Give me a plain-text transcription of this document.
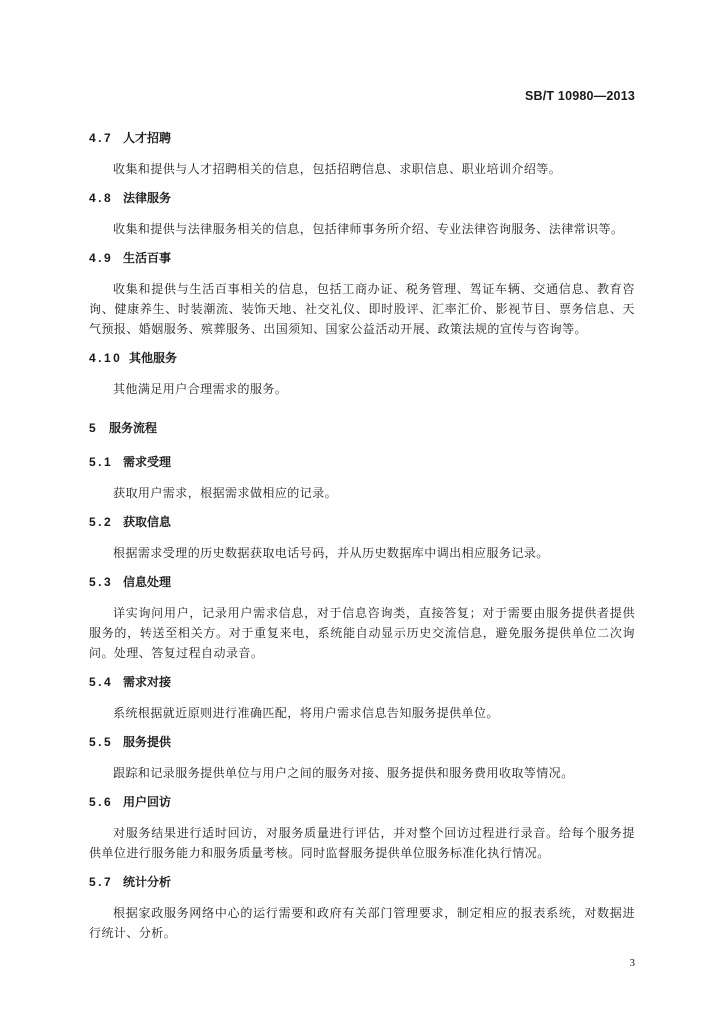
SB/T 10980—2013
4.7 人才招聘

收集和提供与人才招聘相关的信息，包括招聘信息、求职信息、职业培训介绍等。

4.8 法律服务

收集和提供与法律服务相关的信息，包括律师事务所介绍、专业法律咨询服务、法律常识等。

4.9 生活百事

收集和提供与生活百事相关的信息，包括工商办证、税务管理、驾证车辆、交通信息、教育咨询、健康养生、时装潮流、装饰天地、社交礼仪、即时股评、汇率汇价、影视节目、票务信息、天气预报、婚姻服务、殡葬服务、出国须知、国家公益活动开展、政策法规的宣传与咨询等。

4.10 其他服务

其他满足用户合理需求的服务。

5 服务流程
5.1 需求受理

获取用户需求，根据需求做相应的记录。

5.2 获取信息

根据需求受理的历史数据获取电话号码，并从历史数据库中调出相应服务记录。

5.3 信息处理

详实询问用户，记录用户需求信息，对于信息咨询类，直接答复；对于需要由服务提供者提供服务的，转送至相关方。对于重复来电，系统能自动显示历史交流信息，避免服务提供单位二次询问。处理、答复过程自动录音。

5.4 需求对接

系统根据就近原则进行准确匹配，将用户需求信息告知服务提供单位。

5.5 服务提供

跟踪和记录服务提供单位与用户之间的服务对接、服务提供和服务费用收取等情况。

5.6 用户回访

对服务结果进行适时回访，对服务质量进行评估，并对整个回访过程进行录音。给每个服务提供单位进行服务能力和服务质量考核。同时监督服务提供单位服务标准化执行情况。

5.7 统计分析

根据家政服务网络中心的运行需要和政府有关部门管理要求，制定相应的报表系统，对数据进行统计、分析。

3
